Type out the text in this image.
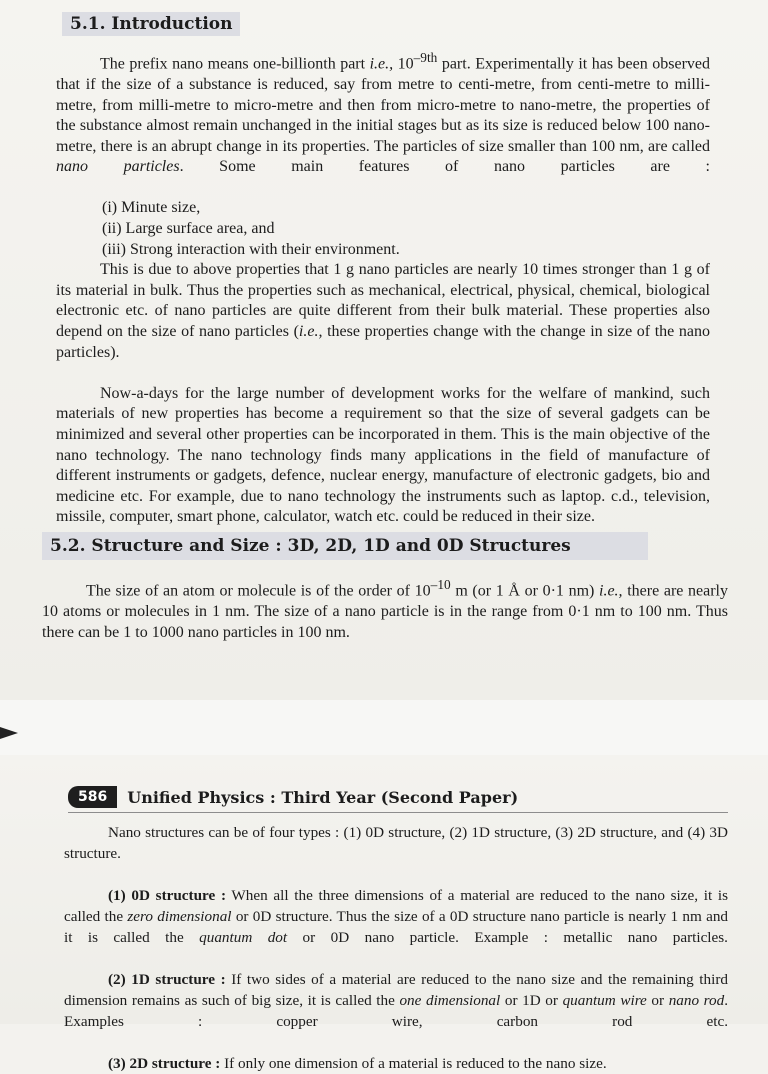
5.1. Introduction

The prefix nano means one-billionth part i.e., $10^{-9th}$ part. Experimentally it has been observed that if the size of a substance is reduced, say from metre to centi-metre, from centi-metre to milli-metre, from milli-metre to micro-metre and then from micro-metre to nano-metre, the properties of the substance almost remain unchanged in the initial stages but as its size is reduced below 100 nano-metre, there is an abrupt change in its properties. The particles of size smaller than 100 nm, are called nano particles. Some main features of nano particles are :

(i) Minute size,
(ii) Large surface area, and
(iii) Strong interaction with their environment.

This is due to above properties that 1 g nano particles are nearly 10 times stronger than 1 g of its material in bulk. Thus the properties such as mechanical, electrical, physical, chemical, biological electronic etc. of nano particles are quite different from their bulk material. These properties also depend on the size of nano particles (i.e., these properties change with the change in size of the nano particles).

Now-a-days for the large number of development works for the welfare of mankind, such materials of new properties has become a requirement so that the size of several gadgets can be minimized and several other properties can be incorporated in them. This is the main objective of the nano technology. The nano technology finds many applications in the field of manufacture of different instruments or gadgets, defence, nuclear energy, manufacture of electronic gadgets, bio and medicine etc. For example, due to nano technology the instruments such as laptop. c.d., television, missile, computer, smart phone, calculator, watch etc. could be reduced in their size.

5.2. Structure and Size : 3D, 2D, 1D and 0D Structures

The size of an atom or molecule is of the order of $10^{-10}$ m (or 1 Å or 0·1 nm) i.e., there are nearly 10 atoms or molecules in 1 nm. The size of a nano particle is in the range from 0·1 nm to 100 nm. Thus there can be 1 to 1000 nano particles in 100 nm.

586	Unified Physics : Third Year (Second Paper)

Nano structures can be of four types : (1) 0D structure, (2) 1D structure, (3) 2D structure, and (4) 3D structure.

(1) 0D structure : When all the three dimensions of a material are reduced to the nano size, it is called the zero dimensional or 0D structure. Thus the size of a 0D structure nano particle is nearly 1 nm and it is called the quantum dot or 0D nano particle. Example : metallic nano particles.

(2) 1D structure : If two sides of a material are reduced to the nano size and the remaining third dimension remains as such of big size, it is called the one dimensional or 1D or quantum wire or nano rod. Examples : copper wire, carbon rod etc.

(3) 2D structure : If only one dimension of a material is reduced to the nano size.
